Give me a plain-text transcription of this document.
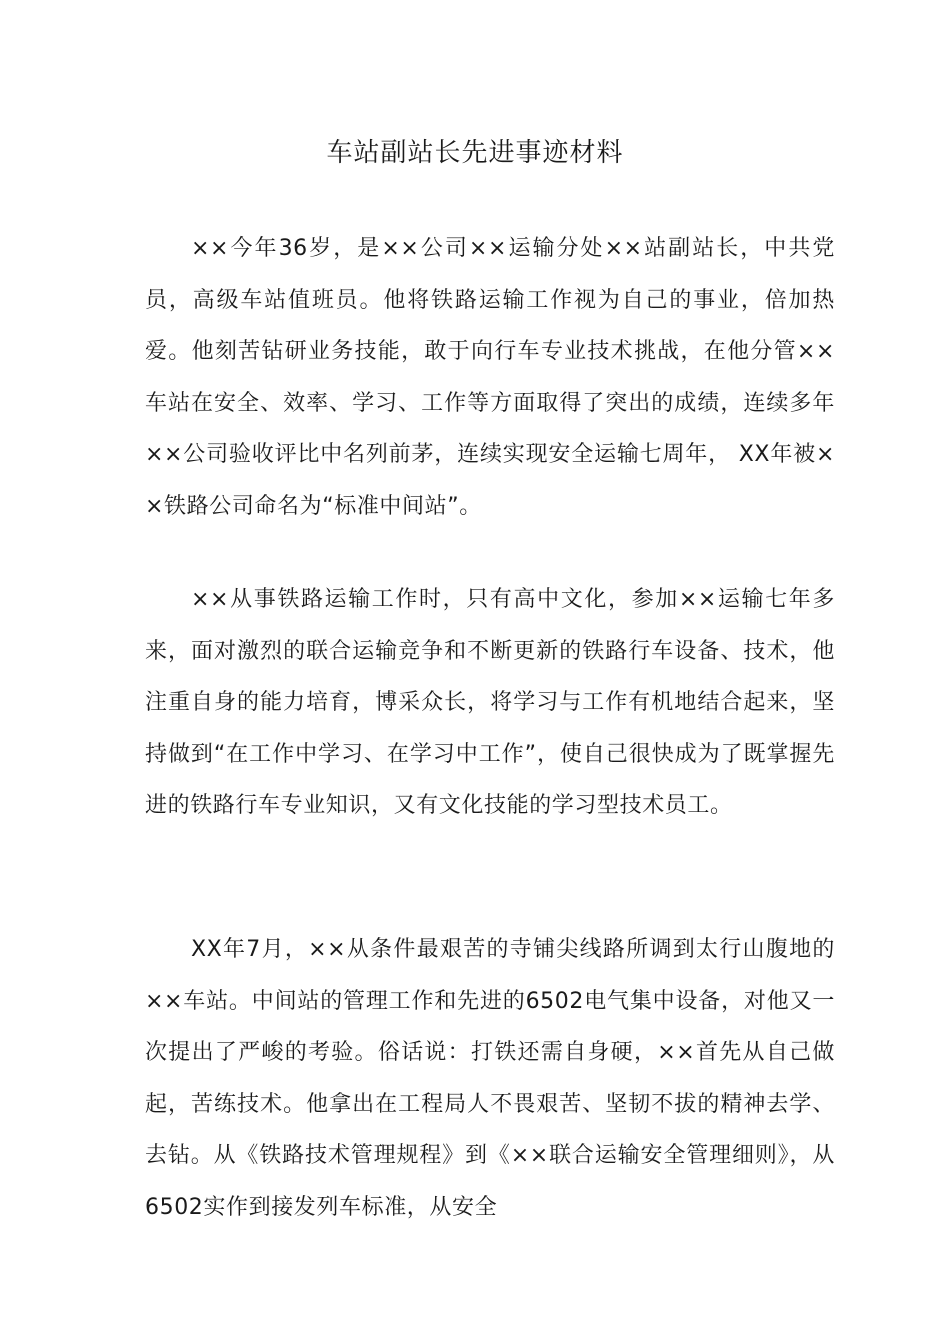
车站副站长先进事迹材料

××今年36岁，是××公司××运输分处××站副站长，中共党员，高级车站值班员。他将铁路运输工作视为自己的事业，倍加热爱。他刻苦钻研业务技能，敢于向行车专业技术挑战，在他分管××车站在安全、效率、学习、工作等方面取得了突出的成绩，连续多年××公司验收评比中名列前茅，连续实现安全运输七周年， XX年被××铁路公司命名为“标准中间站”。

××从事铁路运输工作时，只有高中文化，参加××运输七年多来，面对激烈的联合运输竞争和不断更新的铁路行车设备、技术，他注重自身的能力培育，博采众长，将学习与工作有机地结合起来，坚持做到“在工作中学习、在学习中工作”，使自己很快成为了既掌握先进的铁路行车专业知识，又有文化技能的学习型技术员工。

XX年7月，××从条件最艰苦的寺铺尖线路所调到太行山腹地的××车站。中间站的管理工作和先进的6502电气集中设备，对他又一次提出了严峻的考验。俗话说：打铁还需自身硬，××首先从自己做起，苦练技术。他拿出在工程局人不畏艰苦、坚韧不拔的精神去学、去钻。从《铁路技术管理规程》到《××联合运输安全管理细则》，从6502实作到接发列车标准，从安全
